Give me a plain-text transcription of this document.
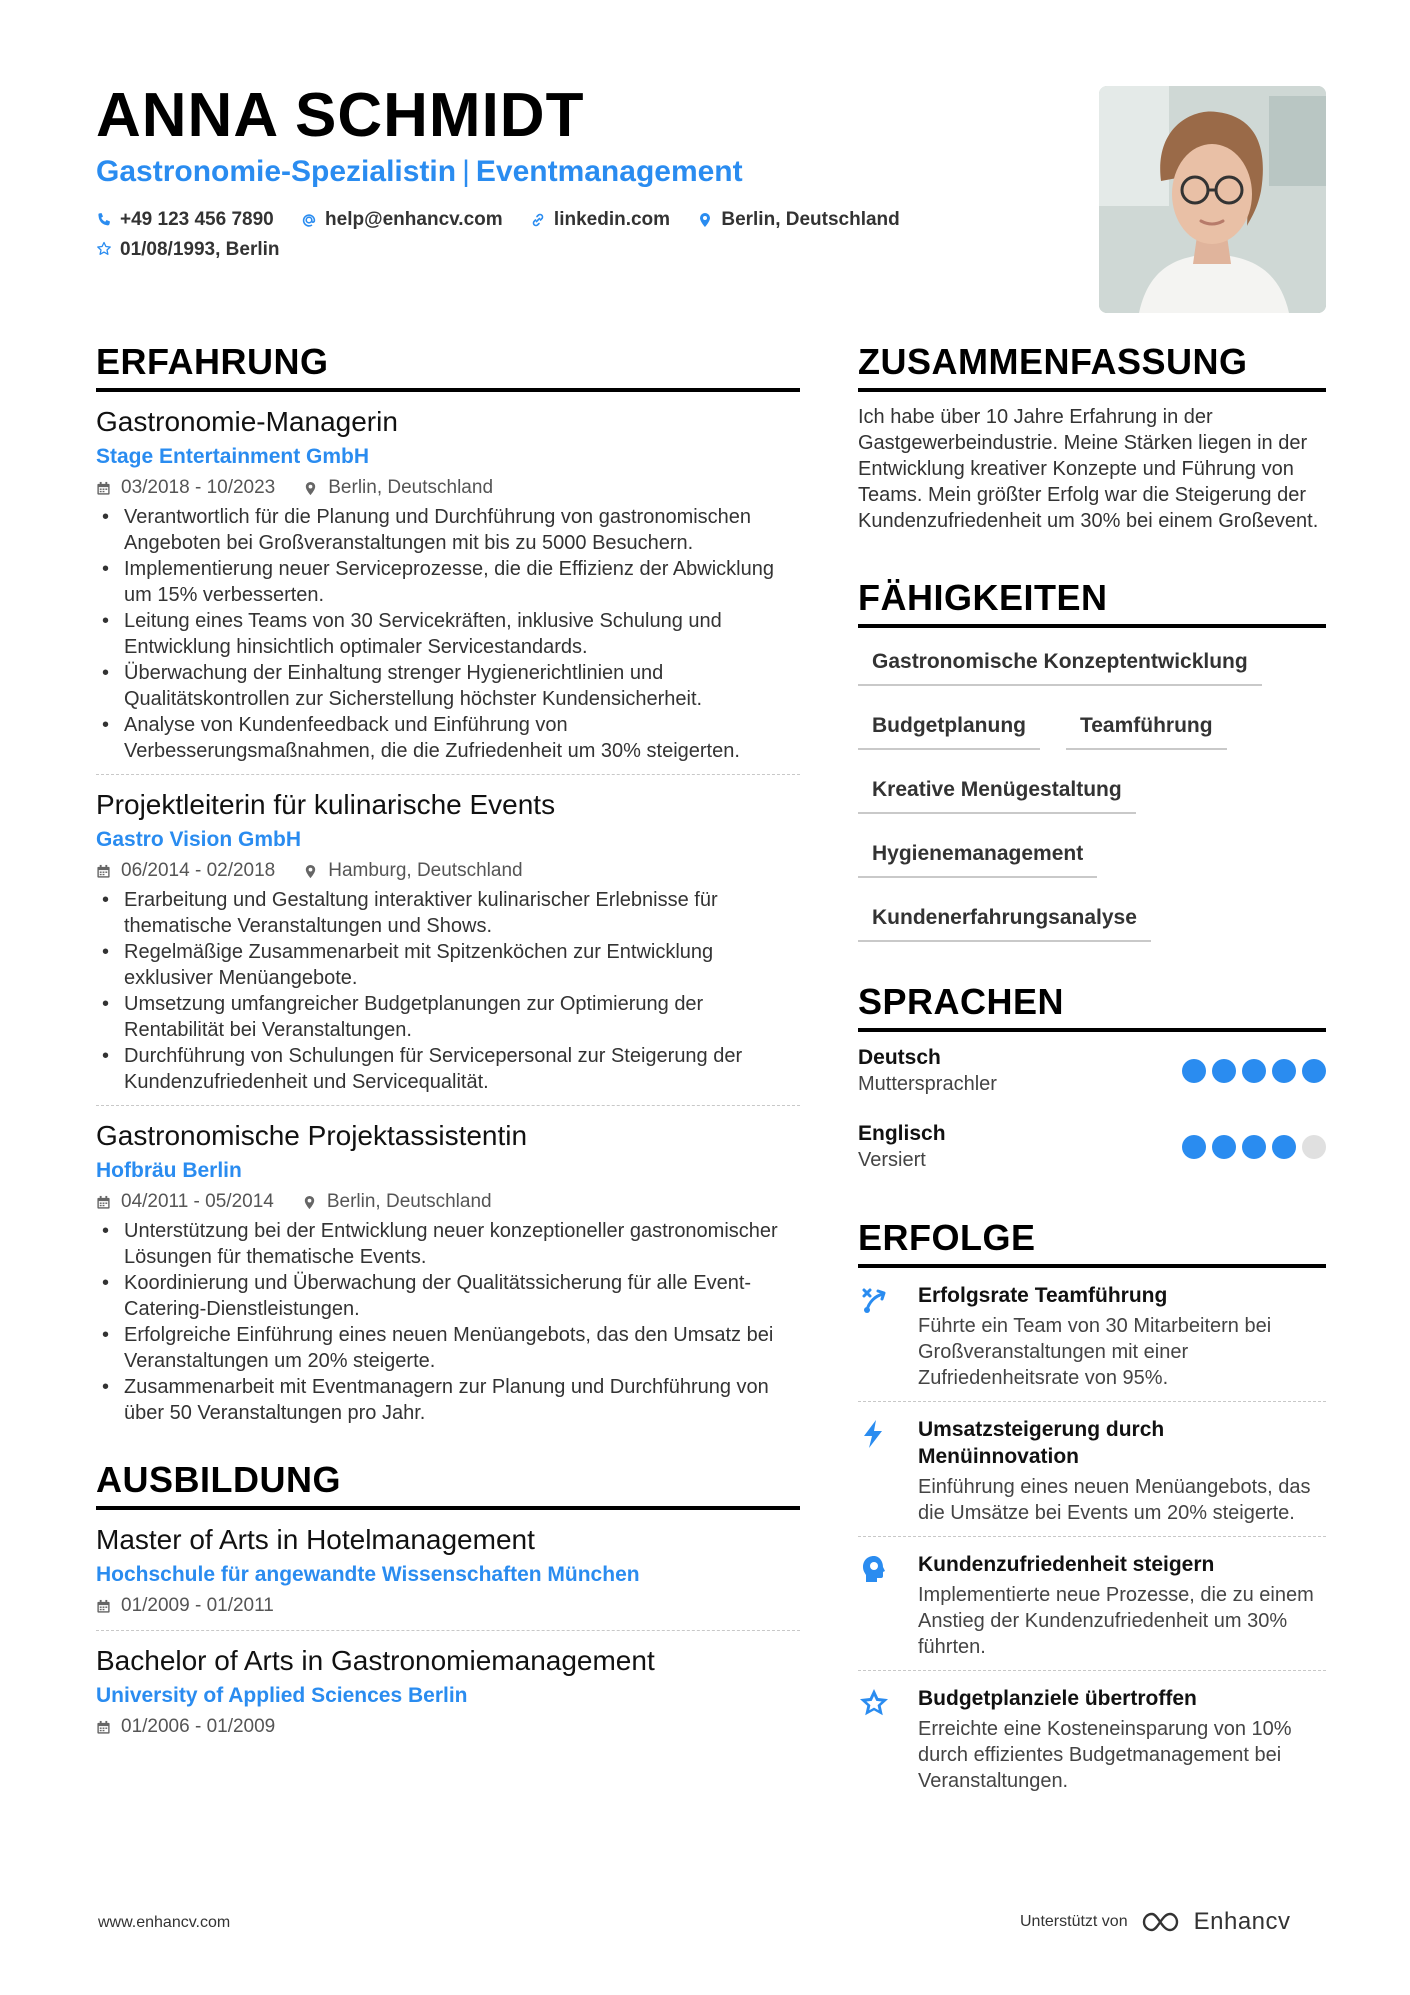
ANNA SCHMIDT
Gastronomie-Spezialistin | Eventmanagement
+49 123 456 7890
	help@enhancv.com
	linkedin.com
	Berlin, Deutschland

01/08/1993, Berlin
ERFAHRUNG
Gastronomie-Managerin
Stage Entertainment GmbH
03/2018 - 10/2023	Berlin, Deutschland
• Verantwortlich für die Planung und Durchführung von gastronomischen Angeboten bei Großveranstaltungen mit bis zu 5000 Besuchern.
• Implementierung neuer Serviceprozesse, die die Effizienz der Abwicklung um 15% verbesserten.
• Leitung eines Teams von 30 Servicekräften, inklusive Schulung und Entwicklung hinsichtlich optimaler Servicestandards.
• Überwachung der Einhaltung strenger Hygienerichtlinien und Qualitätskontrollen zur Sicherstellung höchster Kundensicherheit.
• Analyse von Kundenfeedback und Einführung von Verbesserungsmaßnahmen, die die Zufriedenheit um 30% steigerten.
Projektleiterin für kulinarische Events
Gastro Vision GmbH
06/2014 - 02/2018	Hamburg, Deutschland
• Erarbeitung und Gestaltung interaktiver kulinarischer Erlebnisse für thematische Veranstaltungen und Shows.
• Regelmäßige Zusammenarbeit mit Spitzenköchen zur Entwicklung exklusiver Menüangebote.
• Umsetzung umfangreicher Budgetplanungen zur Optimierung der Rentabilität bei Veranstaltungen.
• Durchführung von Schulungen für Servicepersonal zur Steigerung der Kundenzufriedenheit und Servicequalität.
Gastronomische Projektassistentin
Hofbräu Berlin
04/2011 - 05/2014	Berlin, Deutschland
• Unterstützung bei der Entwicklung neuer konzeptioneller gastronomischer Lösungen für thematische Events.
• Koordinierung und Überwachung der Qualitätssicherung für alle Event-Catering-Dienstleistungen.
• Erfolgreiche Einführung eines neuen Menüangebots, das den Umsatz bei Veranstaltungen um 20% steigerte.
• Zusammenarbeit mit Eventmanagern zur Planung und Durchführung von über 50 Veranstaltungen pro Jahr.
AUSBILDUNG
Master of Arts in Hotelmanagement
Hochschule für angewandte Wissenschaften München
01/2009 - 01/2011
Bachelor of Arts in Gastronomiemanagement
University of Applied Sciences Berlin
01/2006 - 01/2009
ZUSAMMENFASSUNG
Ich habe über 10 Jahre Erfahrung in der Gastgewerbeindustrie. Meine Stärken liegen in der Entwicklung kreativer Konzepte und Führung von Teams. Mein größter Erfolg war die Steigerung der Kundenzufriedenheit um 30% bei einem Großevent.
FÄHIGKEITEN
Gastronomische Konzeptentwicklung
Budgetplanung	Teamführung
Kreative Menügestaltung
Hygienemanagement
Kundenerfahrungsanalyse
SPRACHEN
Deutsch
Muttersprachler
Englisch
Versiert
ERFOLGE
Erfolgsrate Teamführung
Führte ein Team von 30 Mitarbeitern bei Großveranstaltungen mit einer Zufriedenheitsrate von 95%.
Umsatzsteigerung durch Menüinnovation
Einführung eines neuen Menüangebots, das die Umsätze bei Events um 20% steigerte.
Kundenzufriedenheit steigern
Implementierte neue Prozesse, die zu einem Anstieg der Kundenzufriedenheit um 30% führten.
Budgetplanziele übertroffen
Erreichte eine Kosteneinsparung von 10% durch effizientes Budgetmanagement bei Veranstaltungen.
www.enhancv.com	Unterstützt von	Enhancv
